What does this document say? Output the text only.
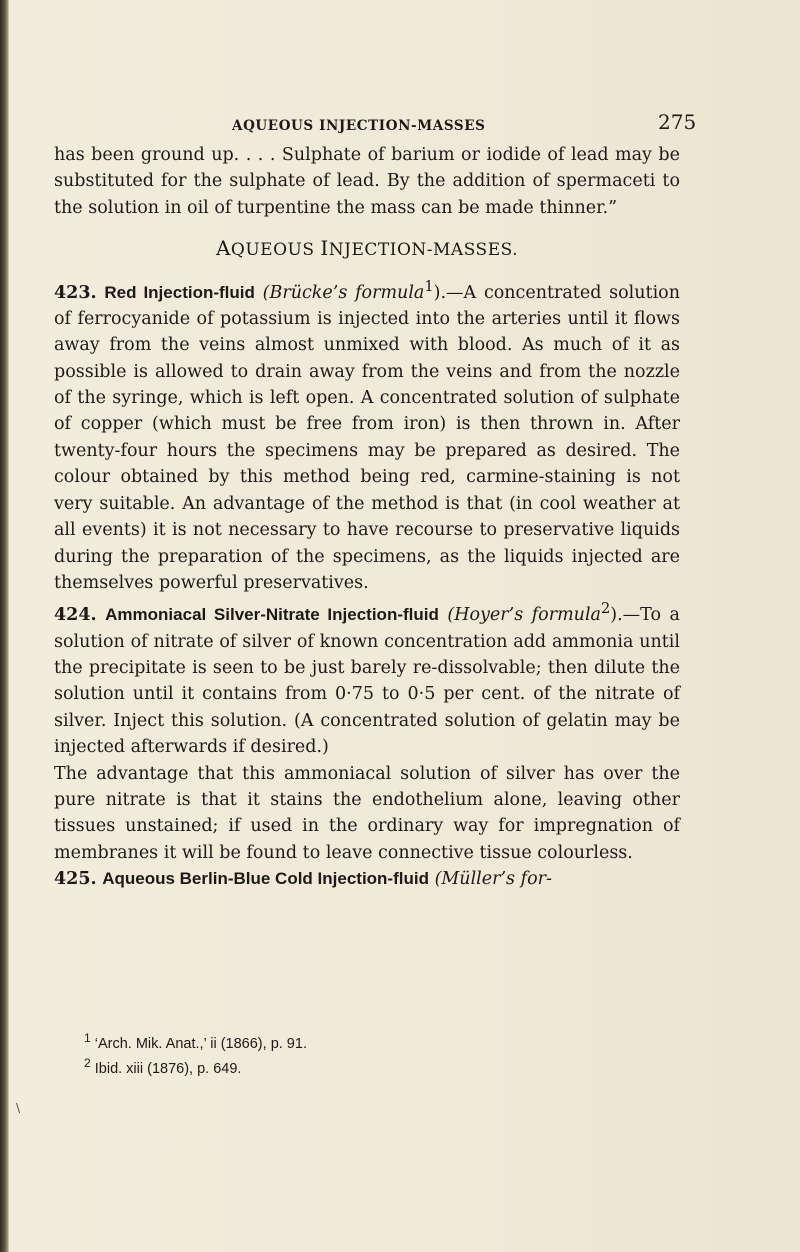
AQUEOUS INJECTION-MASSES	275

has been ground up. . . . Sulphate of barium or iodide of lead may be substituted for the sulphate of lead. By the addition of spermaceti to the solution in oil of turpentine the mass can be made thinner.”

AQUEOUS INJECTION-MASSES.

423. Red Injection-fluid (Brücke’s formula$^1$).—A concentrated solution of ferrocyanide of potassium is injected into the arteries until it flows away from the veins almost unmixed with blood. As much of it as possible is allowed to drain away from the veins and from the nozzle of the syringe, which is left open. A concentrated solution of sulphate of copper (which must be free from iron) is then thrown in. After twenty-four hours the specimens may be prepared as desired. The colour obtained by this method being red, carmine-staining is not very suitable. An advantage of the method is that (in cool weather at all events) it is not necessary to have recourse to preservative liquids during the preparation of the specimens, as the liquids injected are themselves powerful preservatives.

424. Ammoniacal Silver-Nitrate Injection-fluid (Hoyer’s formula$^2$).—To a solution of nitrate of silver of known concentration add ammonia until the precipitate is seen to be just barely re-dissolvable; then dilute the solution until it contains from 0·75 to 0·5 per cent. of the nitrate of silver. Inject this solution. (A concentrated solution of gelatin may be injected afterwards if desired.)

The advantage that this ammoniacal solution of silver has over the pure nitrate is that it stains the endothelium alone, leaving other tissues unstained; if used in the ordinary way for impregnation of membranes it will be found to leave connective tissue colourless.

425. Aqueous Berlin-Blue Cold Injection-fluid (Müller’s for-

$^1$ ‘Arch. Mik. Anat.,’ ii (1866), p. 91.
$^2$ Ibid. xiii (1876), p. 649.
\
